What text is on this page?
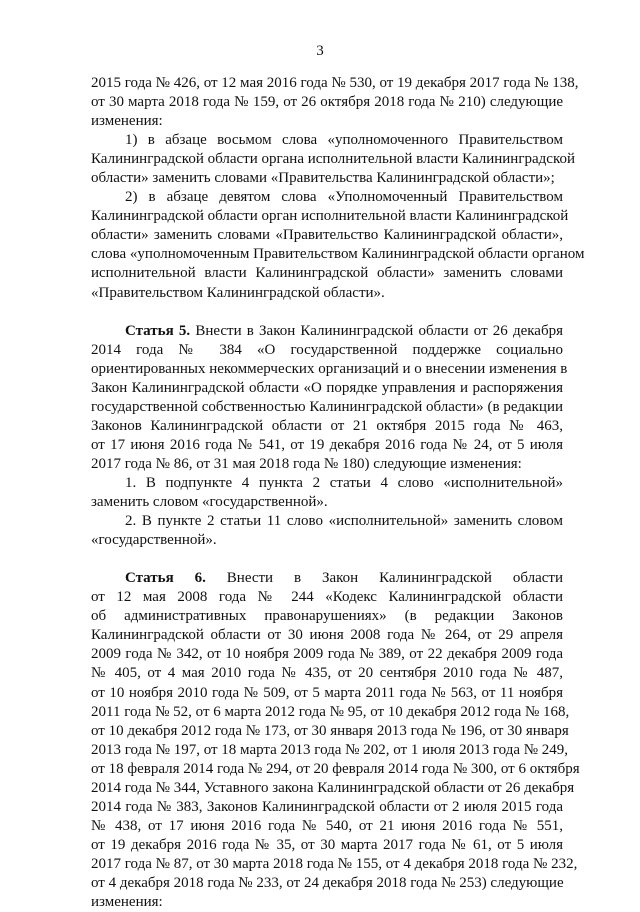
3
2015 года № 426, от 12 мая 2016 года № 530, от 19 декабря 2017 года № 138,
от 30 марта 2018 года № 159, от 26 октября 2018 года № 210) следующие
изменения:
1) в абзаце восьмом слова «уполномоченного Правительством
Калининградской области органа исполнительной власти Калининградской
области» заменить словами «Правительства Калининградской области»;
2) в абзаце девятом слова «Уполномоченный Правительством
Калининградской области орган исполнительной власти Калининградской
области» заменить словами «Правительство Калининградской области»,
слова «уполномоченным Правительством Калининградской области органом
исполнительной власти Калининградской области» заменить словами
«Правительством Калининградской области».
Статья 5. Внести в Закон Калининградской области от 26 декабря
2014 года № 384 «О государственной поддержке социально
ориентированных некоммерческих организаций и о внесении изменения в
Закон Калининградской области «О порядке управления и распоряжения
государственной собственностью Калининградской области» (в редакции
Законов Калининградской области от 21 октября 2015 года № 463,
от 17 июня 2016 года № 541, от 19 декабря 2016 года № 24, от 5 июля
2017 года № 86, от 31 мая 2018 года № 180) следующие изменения:
1. В подпункте 4 пункта 2 статьи 4 слово «исполнительной»
заменить словом «государственной».
2. В пункте 2 статьи 11 слово «исполнительной» заменить словом
«государственной».
Статья 6. Внести в Закон Калининградской области
от 12 мая 2008 года № 244 «Кодекс Калининградской области
об административных правонарушениях» (в редакции Законов
Калининградской области от 30 июня 2008 года № 264, от 29 апреля
2009 года № 342, от 10 ноября 2009 года № 389, от 22 декабря 2009 года
№ 405, от 4 мая 2010 года № 435, от 20 сентября 2010 года № 487,
от 10 ноября 2010 года № 509, от 5 марта 2011 года № 563, от 11 ноября
2011 года № 52, от 6 марта 2012 года № 95, от 10 декабря 2012 года № 168,
от 10 декабря 2012 года № 173, от 30 января 2013 года № 196, от 30 января
2013 года № 197, от 18 марта 2013 года № 202, от 1 июля 2013 года № 249,
от 18 февраля 2014 года № 294, от 20 февраля 2014 года № 300, от 6 октября
2014 года № 344, Уставного закона Калининградской области от 26 декабря
2014 года № 383, Законов Калининградской области от 2 июля 2015 года
№ 438, от 17 июня 2016 года № 540, от 21 июня 2016 года № 551,
от 19 декабря 2016 года № 35, от 30 марта 2017 года № 61, от 5 июля
2017 года № 87, от 30 марта 2018 года № 155, от 4 декабря 2018 года № 232,
от 4 декабря 2018 года № 233, от 24 декабря 2018 года № 253) следующие
изменения:
